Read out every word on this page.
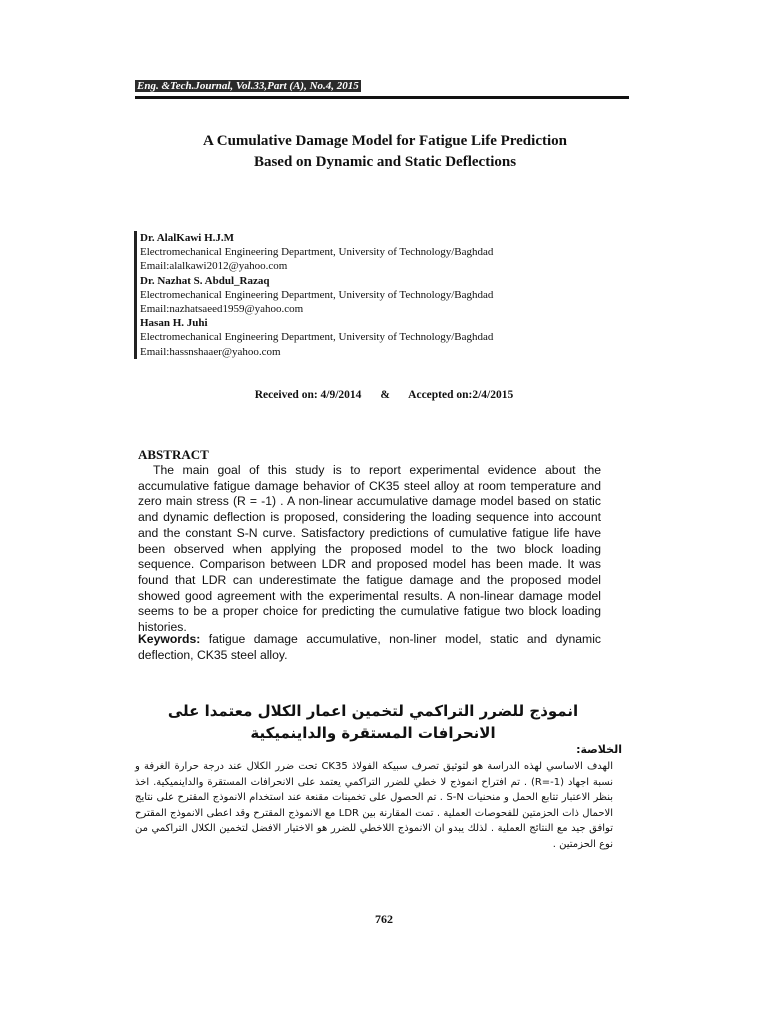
Eng. &Tech.Journal, Vol.33,Part (A), No.4, 2015
A Cumulative Damage Model for Fatigue Life Prediction
Based on Dynamic and Static Deflections
Dr. AlalKawi H.J.M
Electromechanical Engineering Department, University of Technology/Baghdad
Email:alalkawi2012@yahoo.com
Dr. Nazhat S. Abdul_Razaq
Electromechanical Engineering Department, University of Technology/Baghdad
Email:nazhatsaeed1959@yahoo.com
Hasan H. Juhi
Electromechanical Engineering Department, University of Technology/Baghdad
Email:hassnshaaer@yahoo.com
Received on: 4/9/2014 & Accepted on:2/4/2015
ABSTRACT
The main goal of this study is to report experimental evidence about the accumulative fatigue damage behavior of CK35 steel alloy at room temperature and zero main stress (R = -1) . A non-linear accumulative damage model based on static and dynamic deflection is proposed, considering the loading sequence into account and the constant S-N curve. Satisfactory predictions of cumulative fatigue life have been observed when applying the proposed model to the two block loading sequence. Comparison between LDR and proposed model has been made. It was found that LDR can underestimate the fatigue damage and the proposed model showed good agreement with the experimental results. A non-linear damage model seems to be a proper choice for predicting the cumulative fatigue two block loading histories.
Keywords: fatigue damage accumulative, non-liner model, static and dynamic deflection, CK35 steel alloy.
انموذج للضرر التراكمي لتخمين اعمار الكلال معتمدا على الانحرافات المستقرة والداينميكية
الخلاصة:
الهدف الاساسي لهذه الدراسة هو لتوثيق تصرف سبيكة الفولاذ CK35 تحت ضرر الكلال عند درجة حرارة الغرفة و نسبة اجهاد (R=-1) . تم افتراح انموذج لا خطي للضرر التراكمي يعتمد على الانحرافات المستقرة والداينميكية. اخذ بنظر الاعتبار تتابع الحمل و منحنيات S-N . تم الحصول على تخمينات مقنعة عند استخدام الانموذج المقترح على نتايج الاحمال ذات الحزمتين للفحوصات العملية . تمت المقارنة بين LDR مع الانموذج المقترح وقد اعطى الانموذج المقترح توافق جيد مع النتائج العملية . لذلك يبدو ان الانموذج اللاخطي للضرر هو الاختيار الافضل لتخمين الكلال التراكمي من نوع الحزمتين .
762
